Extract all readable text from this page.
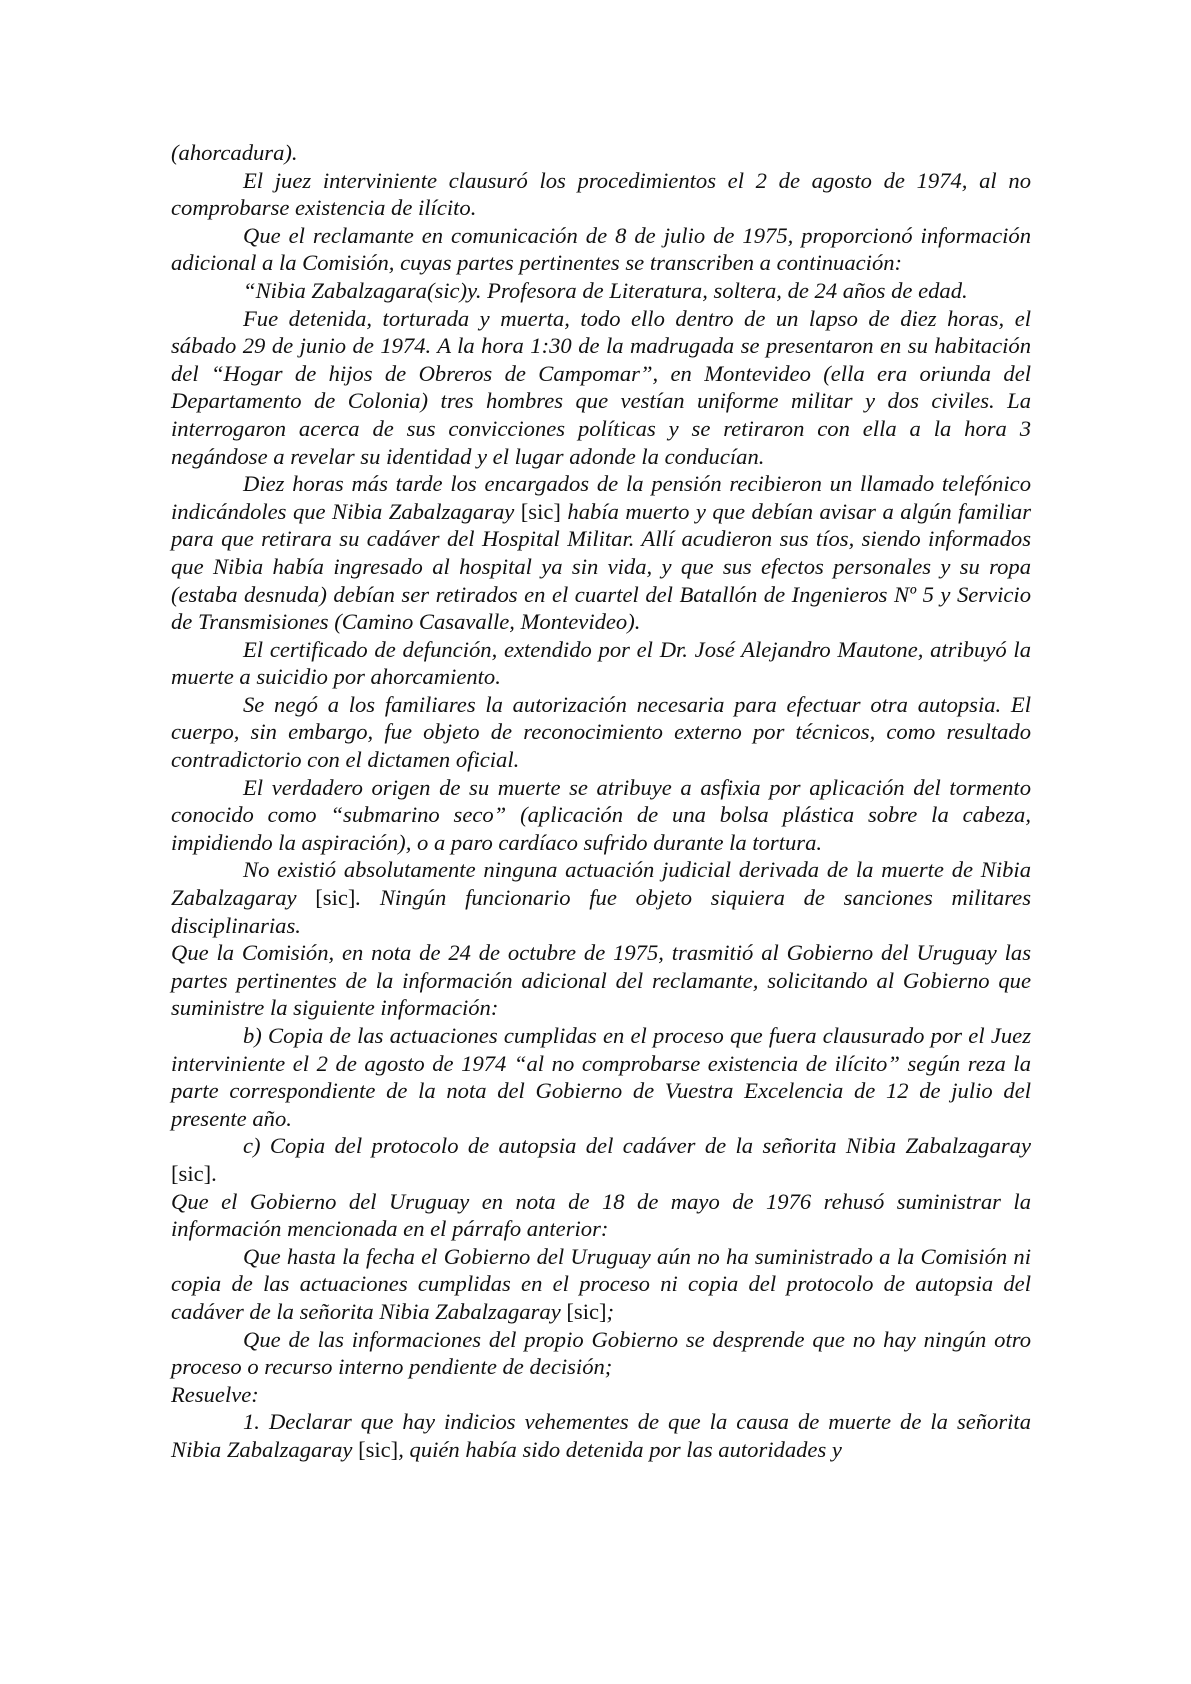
(ahorcadura).

El juez interviniente clausuró los procedimientos el 2 de agosto de 1974, al no comprobarse existencia de ilícito.

Que el reclamante en comunicación de 8 de julio de 1975, proporcionó información adicional a la Comisión, cuyas partes pertinentes se transcriben a continuación:

“Nibia Zabalzagara(sic)y. Profesora de Literatura, soltera, de 24 años de edad.

Fue detenida, torturada y muerta, todo ello dentro de un lapso de diez horas, el sábado 29 de junio de 1974. A la hora 1:30 de la madrugada se presentaron en su habitación del “Hogar de hijos de Obreros de Campomar”, en Montevideo (ella era oriunda del Departamento de Colonia) tres hombres que vestían uniforme militar y dos civiles. La interrogaron acerca de sus convicciones políticas y se retiraron con ella a la hora 3 negándose a revelar su identidad y el lugar adonde la conducían.

Diez horas más tarde los encargados de la pensión recibieron un llamado telefónico indicándoles que Nibia Zabalzagaray [sic] había muerto y que debían avisar a algún familiar para que retirara su cadáver del Hospital Militar. Allí acudieron sus tíos, siendo informados que Nibia había ingresado al hospital ya sin vida, y que sus efectos personales y su ropa (estaba desnuda) debían ser retirados en el cuartel del Batallón de Ingenieros Nº 5 y Servicio de Transmisiones (Camino Casavalle, Montevideo).

El certificado de defunción, extendido por el Dr. José Alejandro Mautone, atribuyó la muerte a suicidio por ahorcamiento.

Se negó a los familiares la autorización necesaria para efectuar otra autopsia. El cuerpo, sin embargo, fue objeto de reconocimiento externo por técnicos, como resultado contradictorio con el dictamen oficial.

El verdadero origen de su muerte se atribuye a asfixia por aplicación del tormento conocido como “submarino seco” (aplicación de una bolsa plástica sobre la cabeza, impidiendo la aspiración), o a paro cardíaco sufrido durante la tortura.

No existió absolutamente ninguna actuación judicial derivada de la muerte de Nibia Zabalzagaray [sic]. Ningún funcionario fue objeto siquiera de sanciones militares disciplinarias.

Que la Comisión, en nota de 24 de octubre de 1975, trasmitió al Gobierno del Uruguay las partes pertinentes de la información adicional del reclamante, solicitando al Gobierno que suministre la siguiente información:

b) Copia de las actuaciones cumplidas en el proceso que fuera clausurado por el Juez interviniente el 2 de agosto de 1974 “al no comprobarse existencia de ilícito” según reza la parte correspondiente de la nota del Gobierno de Vuestra Excelencia de 12 de julio del presente año.

c) Copia del protocolo de autopsia del cadáver de la señorita Nibia Zabalzagaray [sic].

Que el Gobierno del Uruguay en nota de 18 de mayo de 1976 rehusó suministrar la información mencionada en el párrafo anterior:

Que hasta la fecha el Gobierno del Uruguay aún no ha suministrado a la Comisión ni copia de las actuaciones cumplidas en el proceso ni copia del protocolo de autopsia del cadáver de la señorita Nibia Zabalzagaray [sic];

Que de las informaciones del propio Gobierno se desprende que no hay ningún otro proceso o recurso interno pendiente de decisión;

Resuelve:

1. Declarar que hay indicios vehementes de que la causa de muerte de la señorita Nibia Zabalzagaray [sic], quién había sido detenida por las autoridades y
